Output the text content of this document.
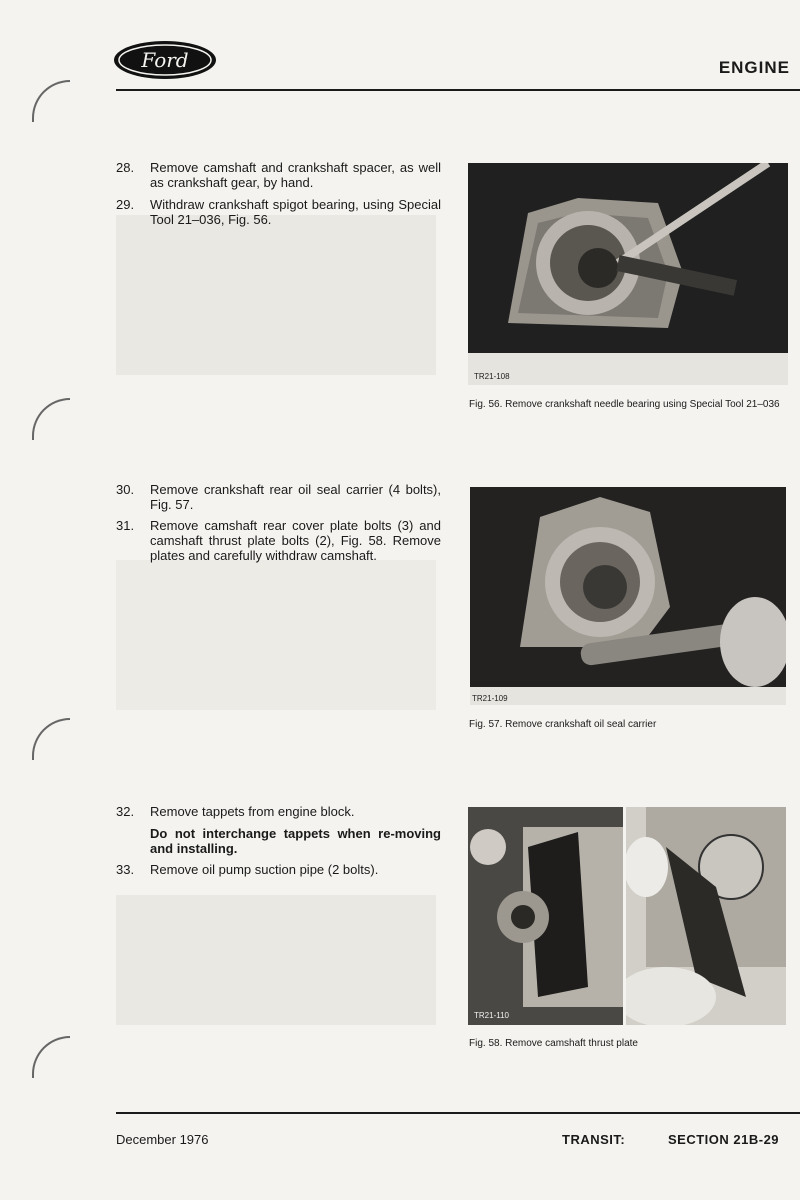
Ford	ENGINE
28.	Remove camshaft and crankshaft spacer, as well as crankshaft gear, by hand.
29.	Withdraw crankshaft spigot bearing, using Special Tool 21–036, Fig. 56.
TR21-108
Fig. 56. Remove crankshaft needle bearing using Special Tool 21–036
30.	Remove crankshaft rear oil seal carrier (4 bolts), Fig. 57.
31.	Remove camshaft rear cover plate bolts (3) and camshaft thrust plate bolts (2), Fig. 58. Remove plates and carefully withdraw camshaft.
TR21-109
Fig. 57. Remove crankshaft oil seal carrier
32.	Remove tappets from engine block.
Do not interchange tappets when re-moving and installing.
33.	Remove oil pump suction pipe (2 bolts).
TR21-110
Fig. 58. Remove camshaft thrust plate
December 1976	TRANSIT:	SECTION 21B-29
